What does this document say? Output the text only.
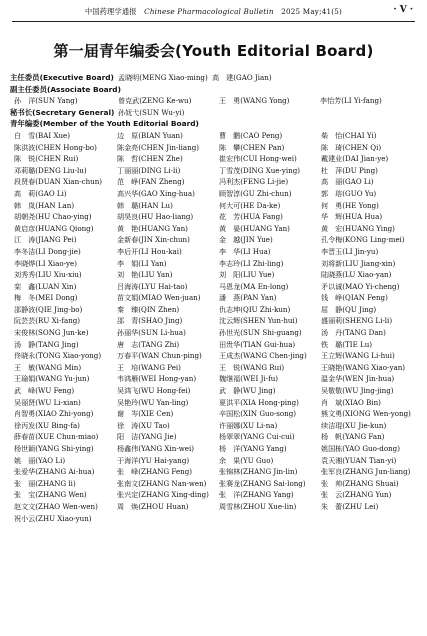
中国药理学通报 Chinese Pharmacological Bulletin 2025 May;41(5)	· V ·
第一届青年编委会(Youth Editorial Board)
主任委员(Executive Board) 孟晓明(MENG Xiao-ming) 高　建(GAO Jian)
副主任委员(Associate Board)
孙　洋(SUN Yang)	曾克武(ZENG Ke-wu)	王　勇(WANG Yong)	李怡芳(LI Yi-fang)
秘书长(Secretary General) 孙妩弋(SUN Wu-yi)
青年编委(Member of the Youth Editorial Board)
白　雪(BAI Xue)	边　原(BIAN Yuan)	曹　鹏(CAO Peng)	柴　怡(CHAI Yi)
陈洪波(CHEN Hong-bo)	陈金亮(CHEN Jin-liang)	陈　攀(CHEN Pan)	陈　琦(CHEN Qi)
陈　锐(CHEN Rui)	陈　哲(CHEN Zhe)	崔宏伟(CUI Hong-wei)	戴建业(DAI Jian-ye)
邓莉璐(DENG Liu-lu)	丁丽丽(DING Li-li)	丁雪茂(DING Xue-ying)	杜　萍(DU Ping)
段贤春(DUAN Xian-chun) 范　峥(FAN Zheng)	冯利杰(FENG Li-jie)	高　丽(GAO Li)
高　莉(GAO Li)	高兴华(GAO Xing-hua)	顾智淳(GU Zhi-chun)	郭　瑢(GUO Yu)
韩　岚(HAN Lan)	韩　璐(HAN Lu)	何大可(HE Da-ke)	何　勇(HE Yong)
胡朝尧(HU Chao-ying)	胡昊良(HU Hao-liang)	花　芳(HUA Fang)	华　辉(HUA Hua)
黄启彦(HUANG Qiong)	黄　艳(HUANG Yan)	黄　晏(HUANG Yan)	黄　宏(HUANG Ying)
江　涛(JIANG Pei)	金新春(JIN Xin-chun)	金　越(JIN Yue)	孔令梅(KONG Ling-mei)
李冬洁(LI Dong-jie)	李后开(LI Hou-kai)	李　华(LI Hua)	李晋玉(LI Jin-yu)
李晓烨(LI Xiao-ye)	李　娟(LI Yan)	李志玲(LI Zhi-ling)	刘将新(LIU Jiang-xin)
刘秀秀(LIU Xiu-xiu)	刘　艳(LIU Yan)	刘　阳(LIU Yue)	陆晓燕(LU Xiao-yan)
栾　鑫(LUAN Xin)	吕海涛(LYU Hai-tao)	马恩龙(MA En-long)	矛以诚(MAO Yi-cheng)
梅　冬(MEI Dong)	苗文娟(MIAO Wen-juan)	潘　燕(PAN Yan)	钱　峥(QIAN Feng)
邵静波(QIE Jing-bo)	秦　臻(QIN Zhen)	仇志坤(QIU Zhi-kun)	屈　静(QU Jing)
阮芸芸(RU Xi-fang)	邵　青(SHAO Jing)	沈云辉(SHEN Yun-hui)	盛丽莉(SHENG Li-li)
宋俊林(SONG Jun-ke)	孙丽华(SUN Li-hua)	孙世光(SUN Shi-guang)	汤　丹(TANG Dan)
汤　静(TANG Jing)	唐　志(TANG Zhi)	田贵华(TIAN Gui-hua)	铁　璐(TIE Lu)
佟晓永(TONG Xiao-yong) 万春平(WAN Chun-ping) 王成杰(WANG Chen-jing) 王立辉(WANG Li-hui)
王　敏(WANG Min)	王　培(WANG Pei)	王　锐(WANG Rui)	王晓艳(WANG Xiao-yan)
王瑜娟(WANG Yu-jun)	韦鸿雁(WEI Hong-yan)	魏继福(WEI Ji-fu)	温金华(WEN Jin-hua)
武　峰(WU Feng)	吴鸿飞(WU Hong-fei)	武　静(WU Jing)	吴敬敬(WU Jing-jing)
吴丽贤(WU Li-xian)	吴艳玲(WU Yan-ling)	夏洪平(XIA Hong-ping)	肖　斌(XIAO Bin)
肖智勇(XIAO Zhi-yong)	谢　岑(XIE Cen)	辛国松(XIN Guo-song)	熊文勇(XIONG Wen-yong)
徐丙发(XU Bing-fa)	徐　涛(XU Tao)	许丽娜(XU Li-na)	续洁琨(XU Jie-kun)
薛春苗(XUE Chun-miao)	阳　洁(YANG Jie)	杨翠翠(YANG Cui-cui)	杨　帆(YANG Fan)
杨世颖(YANG Shi-ying)	杨鑫伟(YANG Xin-wei)	杨　洋(YANG Yang)	姚国栋(YAO Guo-dong)
姚　丽(YAO Li)	于海洋(YU Hai-yang)	余　果(YU Guo)	袁天湘(YUAN Tian-yi)
张爱华(ZHANG Ai-hua)	张　峰(ZHANG Feng)	张锦林(ZHANG Jin-lin)	张军良(ZHANG Jun-liang)
张　丽(ZHANG li)	张南文(ZHANG Nan-wen) 张赛龙(ZHANG Sai-long) 张　帅(ZHANG Shuai)
张　宝(ZHANG Wen)	张兴定(ZHANG Xing-ding) 张　洋(ZHANG Yang)	张　云(ZHANG Yun)
赵文文(ZHAO Wen-wen)	周　焕(ZHOU Huan)	周雪林(ZHOU Xue-lin)	朱　蕾(ZHU Lei)
祝小云(ZHU Xiao-yun)
